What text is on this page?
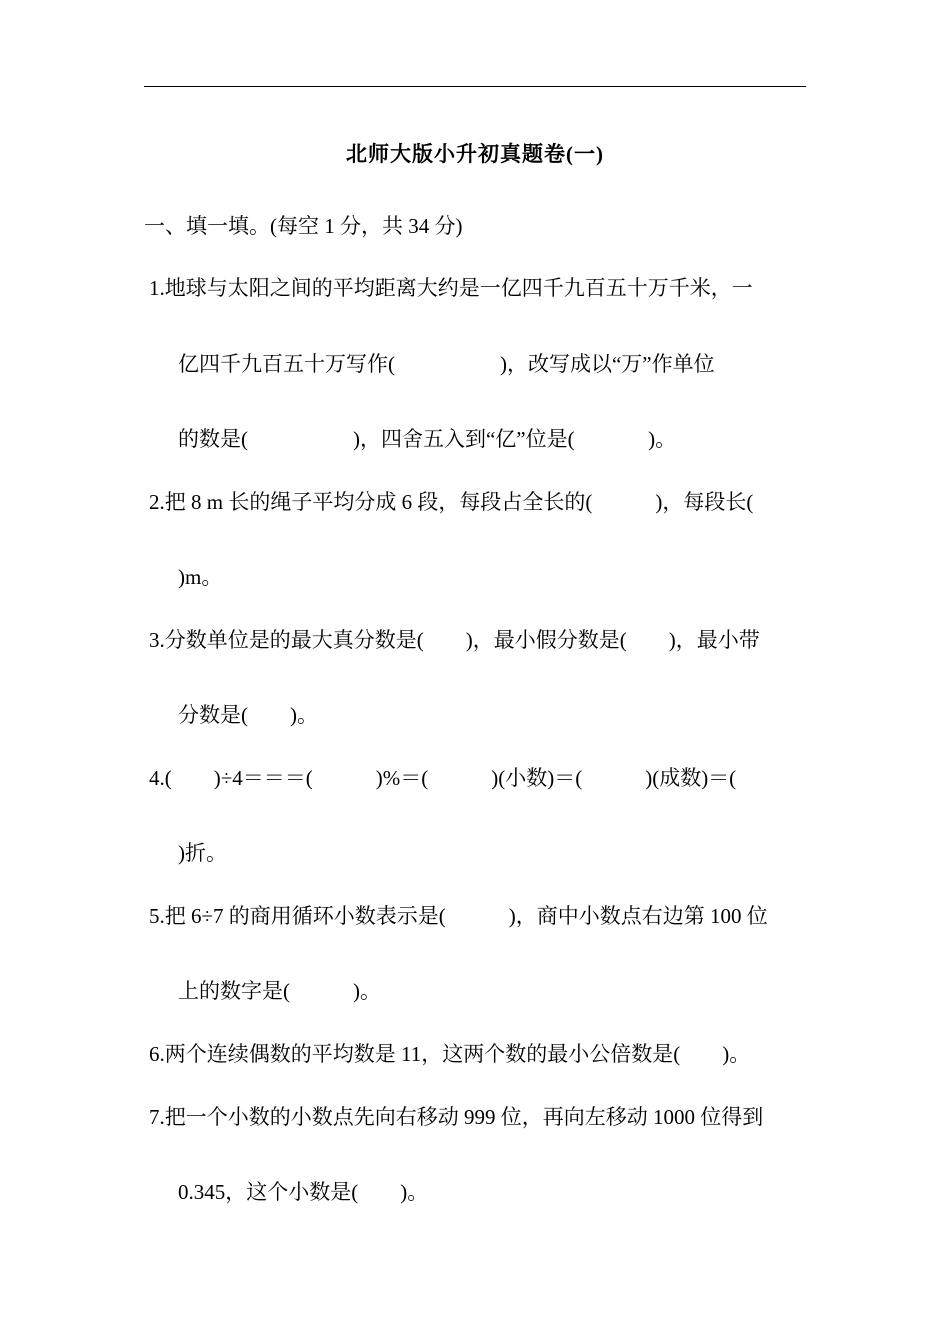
北师大版小升初真题卷(一)
一、填一填。(每空 1 分，共 34 分)
1.地球与太阳之间的平均距离大约是一亿四千九百五十万千米，一
亿四千九百五十万写作(                    )，改写成以“万”作单位
的数是(                    )，四舍五入到“亿”位是(              )。
2.把 8 m 长的绳子平均分成 6 段，每段占全长的(            )，每段长(
)m。
3.分数单位是的最大真分数是(        )，最小假分数是(        )，最小带
分数是(        )。
4.(        )÷4＝＝＝(            )%＝(            )(小数)＝(            )(成数)＝(
)折。
5.把 6÷7 的商用循环小数表示是(            )，商中小数点右边第 100 位
上的数字是(            )。
6.两个连续偶数的平均数是 11，这两个数的最小公倍数是(        )。
7.把一个小数的小数点先向右移动 999 位，再向左移动 1000 位得到
0.345，这个小数是(        )。
